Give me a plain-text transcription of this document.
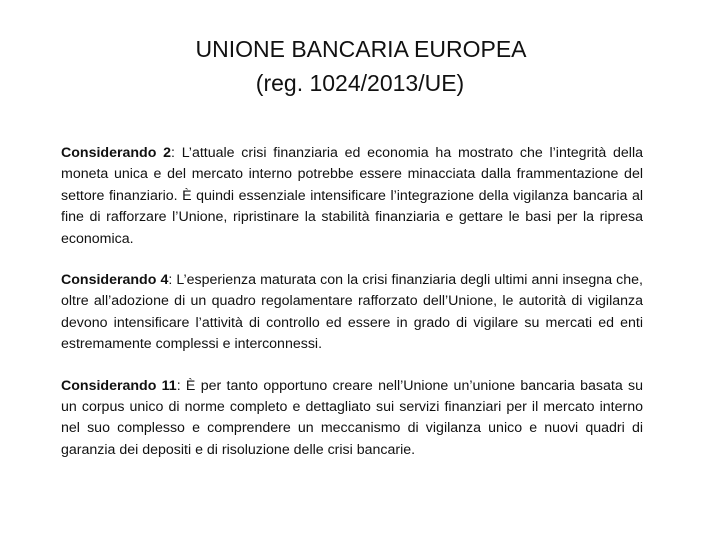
UNIONE BANCARIA EUROPEA
(reg. 1024/2013/UE)

Considerando 2: L’attuale crisi finanziaria ed economia ha mostrato che l’integrità della moneta unica e del mercato interno potrebbe essere minacciata dalla frammentazione del settore finanziario. È quindi essenziale intensificare l’integrazione della vigilanza bancaria al fine di rafforzare l’Unione, ripristinare la stabilità finanziaria e gettare le basi per la ripresa economica.

Considerando 4: L’esperienza maturata con la crisi finanziaria degli ultimi anni insegna che, oltre all’adozione di un quadro regolamentare rafforzato dell’Unione, le autorità di vigilanza devono intensificare l’attività di controllo ed essere in grado di vigilare su mercati ed enti estremamente complessi e interconnessi.

Considerando 11: È per tanto opportuno creare nell’Unione un’unione bancaria basata su un corpus unico di norme completo e dettagliato sui servizi finanziari per il mercato interno nel suo complesso e comprendere un meccanismo di vigilanza unico e nuovi quadri di garanzia dei depositi e di risoluzione delle crisi bancarie.
